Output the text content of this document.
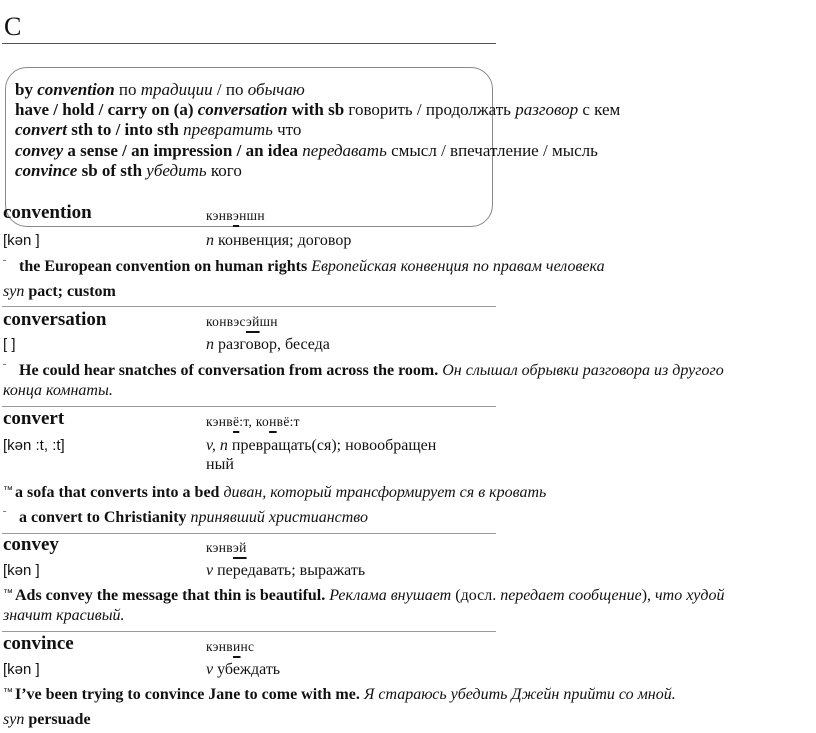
C
by convention по традиции / по обычаю
have / hold / carry on (a) conversation with sb говорить / продолжать разговор с кем
convert sth to / into sth превратить что
convey a sense / an impression / an idea передавать смысл / впечатление / мысль
convince sb of sth убедить кого
convention	кэнвэншн
[kən ]	n конвенция; договор
ˉ the European convention on human rights Европейская конвенция по правам человека
syn pact; custom
conversation	конвэсэйшн
[ ]	n разговор, беседа
ˉ He could hear snatches of conversation from across the room. Он слышал обрывки разговора из другого
конца комнаты.
convert	кэнвё:т, конвё:т
[kən :t, :t]	v, n превращать(ся); новообращен
ный
™ a sofa that converts into a bed диван, который трансформирует ся в кровать
ˉ a convert to Christianity принявший христианство
convey	кэнвэй
[kən ]	v передавать; выражать
™ Ads convey the message that thin is beautiful. Реклама внушает (досл. передает сообщение), что худой
значит красивый.
convince	кэнвинс
[kən ]	v убеждать
™ I’ve been trying to convince Jane to come with me. Я стараюсь убедить Джейн прийти со мной.
syn persuade
